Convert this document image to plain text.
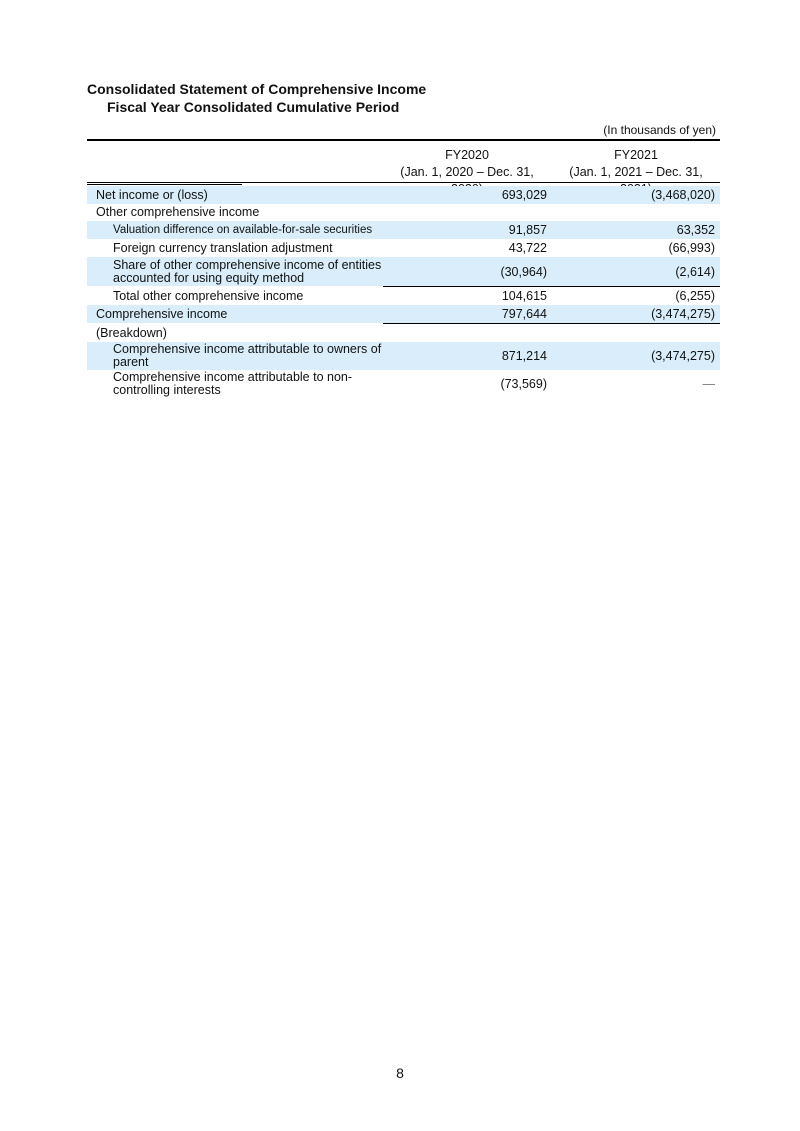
Consolidated Statement of Comprehensive Income
Fiscal Year Consolidated Cumulative Period
(In thousands of yen)
FY2020
(Jan. 1, 2020 – Dec. 31,
FY2021
(Jan. 1, 2021 – Dec. 31,
Net income or (loss)	693,029	(3,468,020)
Other comprehensive income
Valuation difference on available-for-sale securities	91,857	63,352
Foreign currency translation adjustment	43,722	(66,993)
Share of other comprehensive income of entities accounted for using equity method	(30,964)	(2,614)
Total other comprehensive income	104,615	(6,255)
Comprehensive income	797,644	(3,474,275)
(Breakdown)
Comprehensive income attributable to owners of parent	871,214	(3,474,275)
Comprehensive income attributable to non-controlling interests	(73,569)	—
8
